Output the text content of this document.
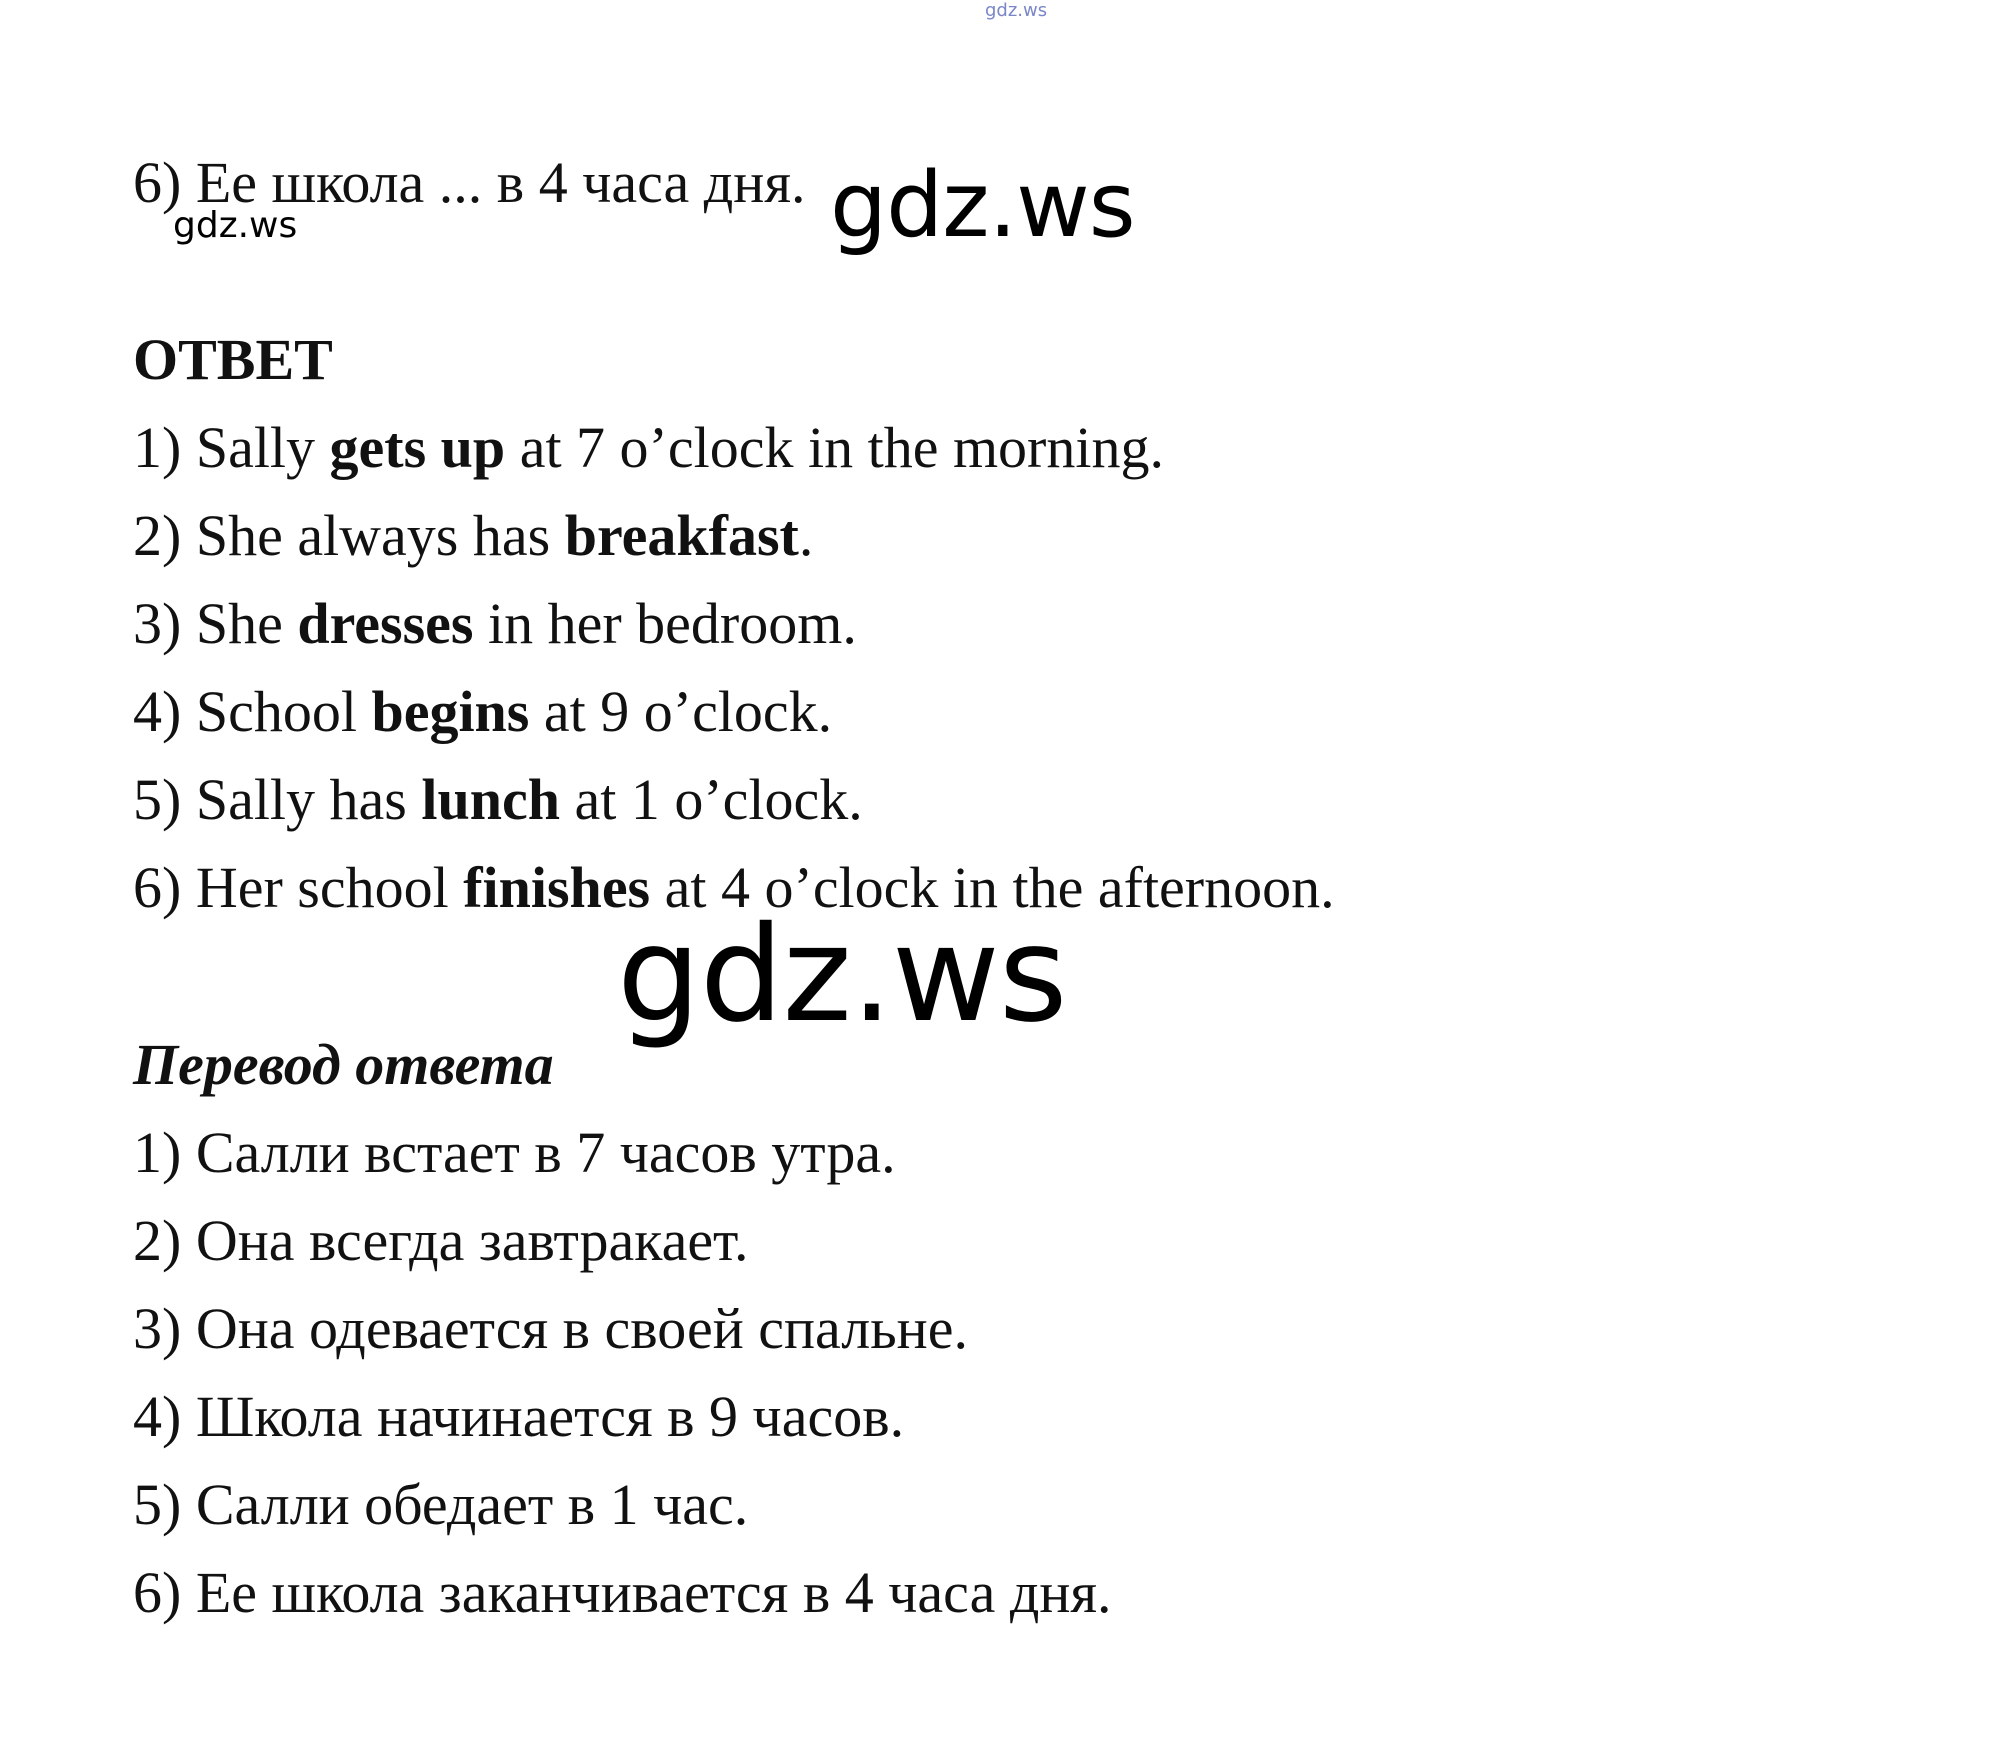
gdz.ws
6) Ее школа ... в 4 часа дня.
gdz.ws	gdz.ws
ОТВЕТ
1) Sally gets up at 7 o’clock in the morning.
2) She always has breakfast.
3) She dresses in her bedroom.
4) School begins at 9 o’clock.
5) Sally has lunch at 1 o’clock.
6) Her school finishes at 4 o’clock in the afternoon.
gdz.ws
Перевод ответа
1) Салли встает в 7 часов утра.
2) Она всегда завтракает.
3) Она одевается в своей спальне.
4) Школа начинается в 9 часов.
5) Салли обедает в 1 час.
6) Ее школа заканчивается в 4 часа дня.
